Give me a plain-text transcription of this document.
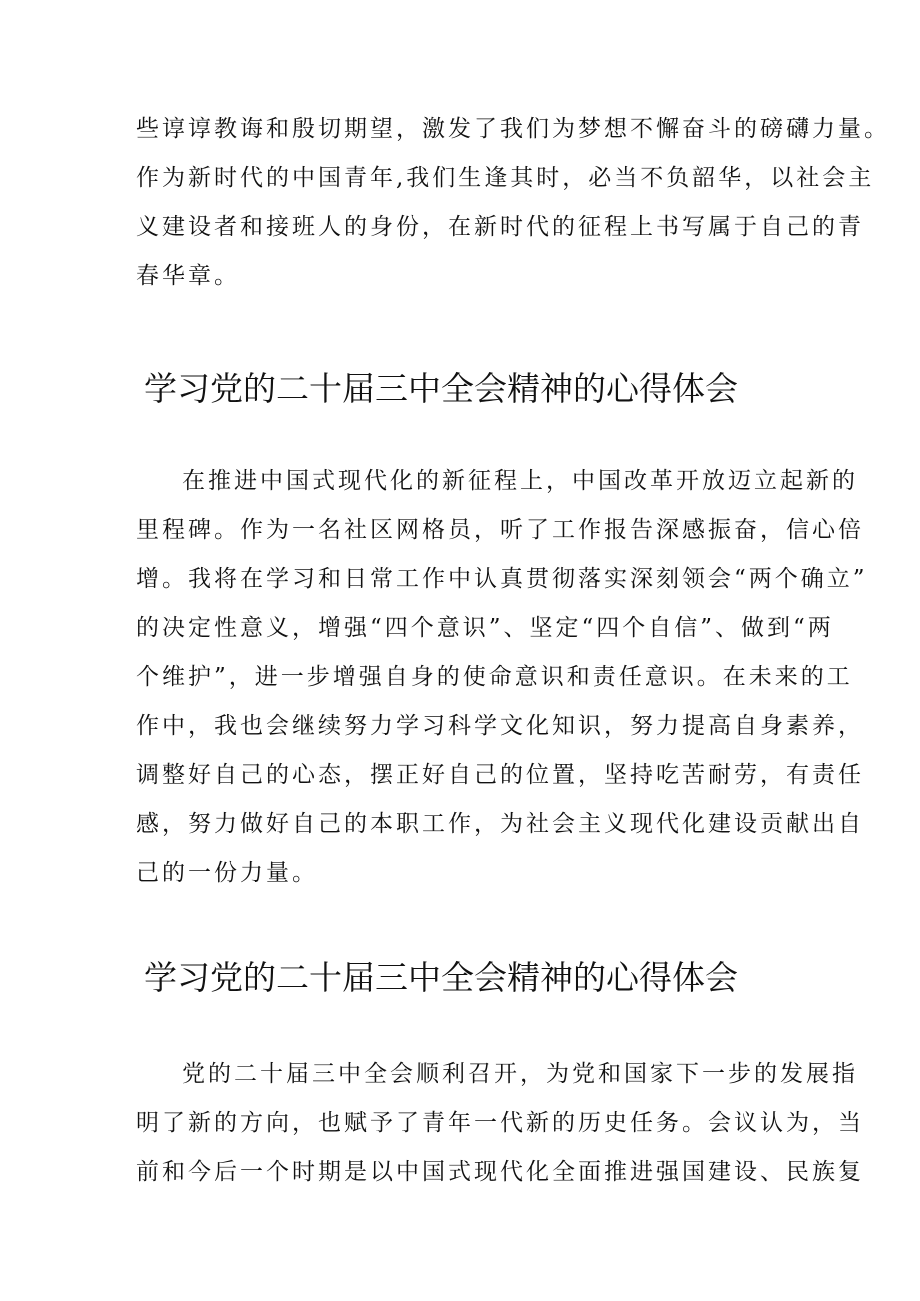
些谆谆教诲和殷切期望，激发了我们为梦想不懈奋斗的磅礴力量。
作为新时代的中国青年,我们生逢其时，必当不负韶华，以社会主
义建设者和接班人的身份，在新时代的征程上书写属于自己的青
春华章。

学习党的二十届三中全会精神的心得体会

在推进中国式现代化的新征程上，中国改革开放迈立起新的
里程碑。作为一名社区网格员，听了工作报告深感振奋，信心倍
增。我将在学习和日常工作中认真贯彻落实深刻领会“两个确立”
的决定性意义，增强“四个意识”、坚定“四个自信”、做到“两
个维护”，进一步增强自身的使命意识和责任意识。在未来的工
作中，我也会继续努力学习科学文化知识，努力提高自身素养，
调整好自己的心态，摆正好自己的位置，坚持吃苦耐劳，有责任
感，努力做好自己的本职工作，为社会主义现代化建设贡献出自
己的一份力量。

学习党的二十届三中全会精神的心得体会

党的二十届三中全会顺利召开，为党和国家下一步的发展指
明了新的方向，也赋予了青年一代新的历史任务。会议认为，当
前和今后一个时期是以中国式现代化全面推进强国建设、民族复
